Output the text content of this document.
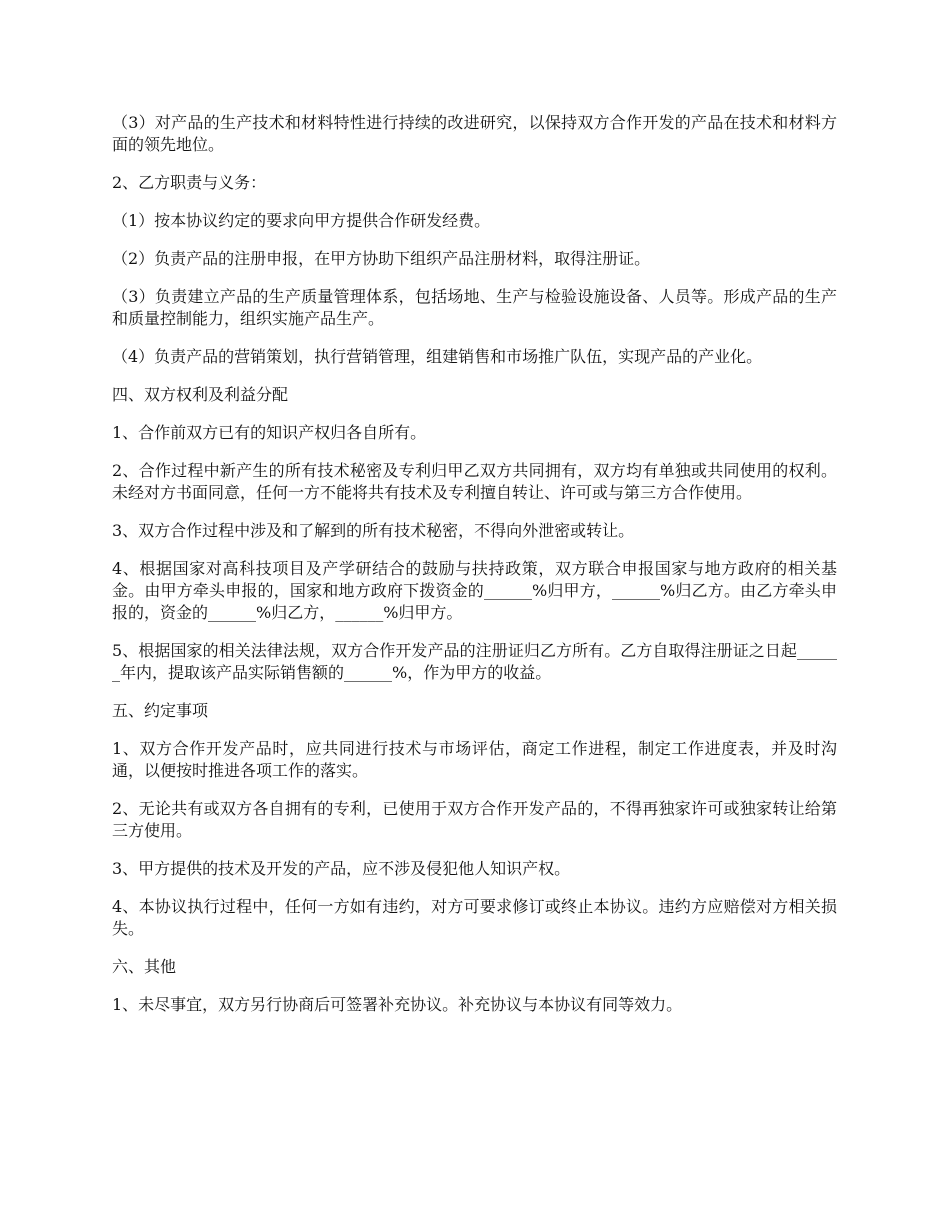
（3）对产品的生产技术和材料特性进行持续的改进研究，以保持双方合作开发的产品在技术和材料方面的领先地位。

2、乙方职责与义务：

（1）按本协议约定的要求向甲方提供合作研发经费。

（2）负责产品的注册申报，在甲方协助下组织产品注册材料，取得注册证。

（3）负责建立产品的生产质量管理体系，包括场地、生产与检验设施设备、人员等。形成产品的生产和质量控制能力，组织实施产品生产。

（4）负责产品的营销策划，执行营销管理，组建销售和市场推广队伍，实现产品的产业化。

四、双方权利及利益分配

1、合作前双方已有的知识产权归各自所有。

2、合作过程中新产生的所有技术秘密及专利归甲乙双方共同拥有，双方均有单独或共同使用的权利。未经对方书面同意，任何一方不能将共有技术及专利擅自转让、许可或与第三方合作使用。

3、双方合作过程中涉及和了解到的所有技术秘密，不得向外泄密或转让。

4、根据国家对高科技项目及产学研结合的鼓励与扶持政策，双方联合申报国家与地方政府的相关基金。由甲方牵头申报的，国家和地方政府下拨资金的______%归甲方，______%归乙方。由乙方牵头申报的，资金的______%归乙方，______%归甲方。

5、根据国家的相关法律法规，双方合作开发产品的注册证归乙方所有。乙方自取得注册证之日起______年内，提取该产品实际销售额的______%，作为甲方的收益。

五、约定事项

1、双方合作开发产品时，应共同进行技术与市场评估，商定工作进程，制定工作进度表，并及时沟通，以便按时推进各项工作的落实。

2、无论共有或双方各自拥有的专利，已使用于双方合作开发产品的，不得再独家许可或独家转让给第三方使用。

3、甲方提供的技术及开发的产品，应不涉及侵犯他人知识产权。

4、本协议执行过程中，任何一方如有违约，对方可要求修订或终止本协议。违约方应赔偿对方相关损失。

六、其他

1、未尽事宜，双方另行协商后可签署补充协议。补充协议与本协议有同等效力。
